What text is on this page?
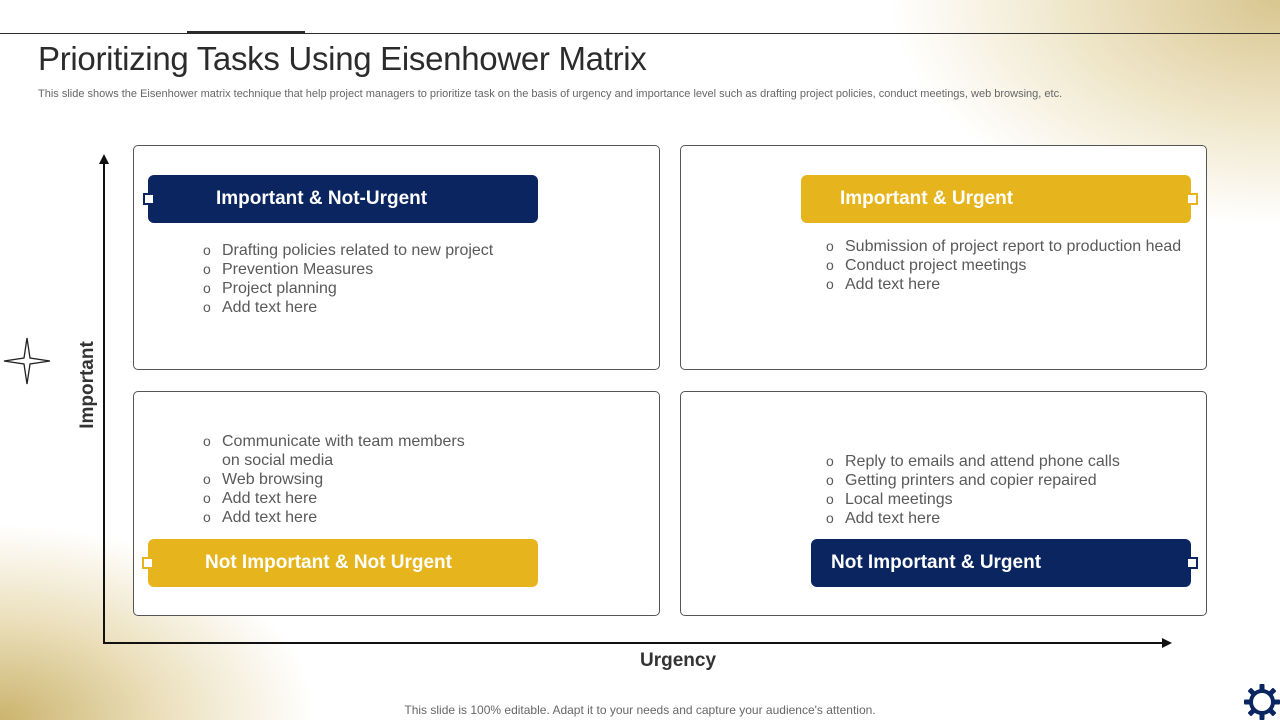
Prioritizing Tasks Using Eisenhower Matrix
This slide shows the Eisenhower matrix technique that help project managers to prioritize task on the basis of urgency and importance level such as drafting project policies, conduct meetings, web browsing, etc.
Important
Urgency
o Drafting policies related to new project
o Prevention Measures
o Project planning
o Add text here
Important & Not-Urgent
o Submission of project report to production head
o Conduct project meetings
o Add text here
Important & Urgent
o Communicate with team members on social media
o Web browsing
o Add text here
o Add text here
Not Important & Not Urgent
o Reply to emails and attend phone calls
o Getting printers and copier repaired
o Local meetings
o Add text here
Not Important & Urgent
This slide is 100% editable. Adapt it to your needs and capture your audience's attention.
